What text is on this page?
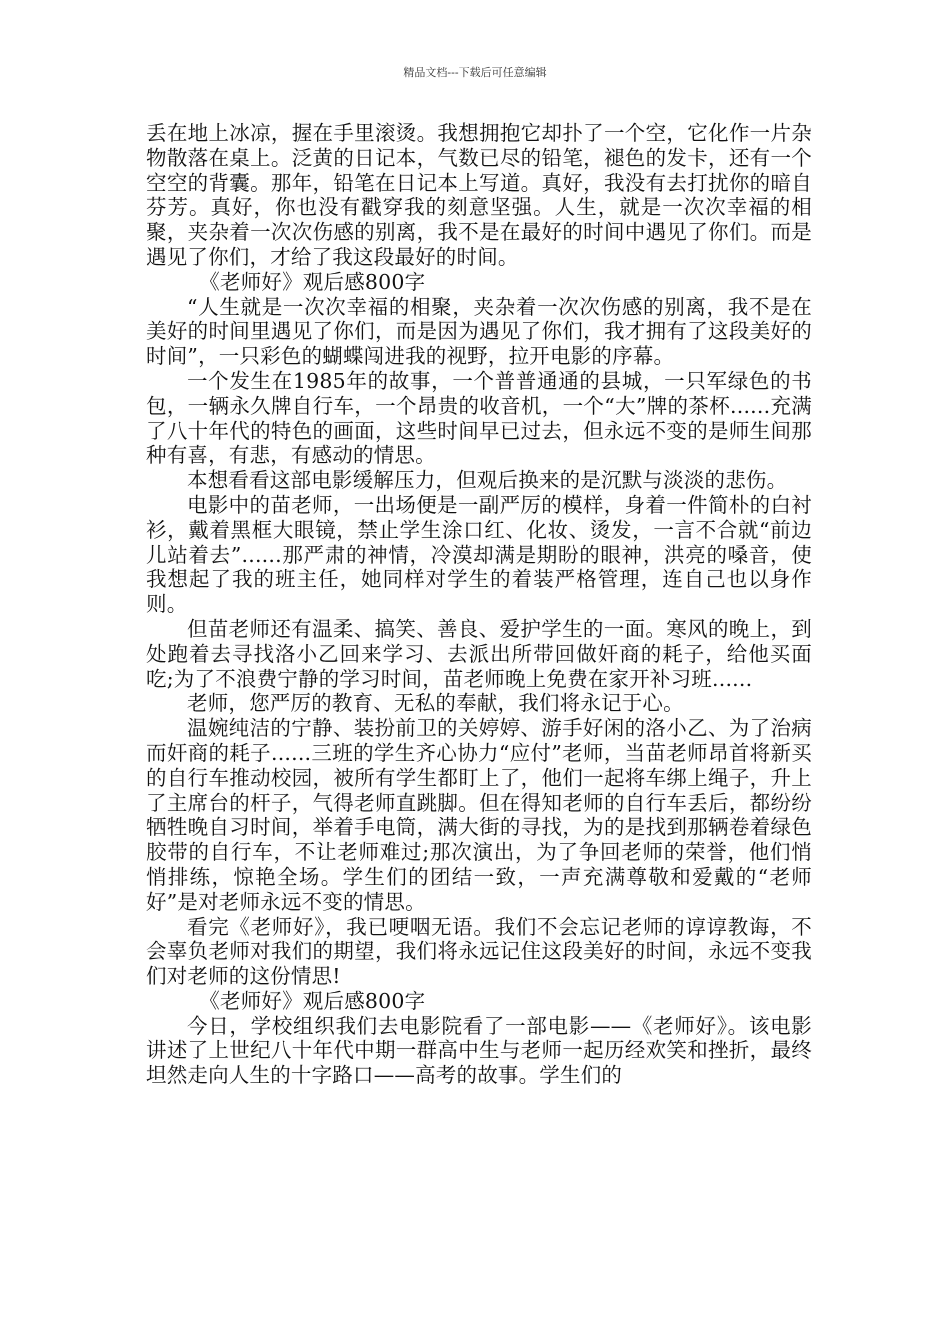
精品文档---下载后可任意编辑

丢在地上冰凉，握在手里滚烫。我想拥抱它却扑了一个空，它化作一片杂物散落在桌上。泛黄的日记本，气数已尽的铅笔，褪色的发卡，还有一个空空的背囊。那年，铅笔在日记本上写道。真好，我没有去打扰你的暗自芬芳。真好，你也没有戳穿我的刻意坚强。人生，就是一次次幸福的相聚，夹杂着一次次伤感的别离，我不是在最好的时间中遇见了你们。而是遇见了你们，才给了我这段最好的时间。

《老师好》观后感800字

“人生就是一次次幸福的相聚，夹杂着一次次伤感的别离，我不是在美好的时间里遇见了你们，而是因为遇见了你们，我才拥有了这段美好的时间”，一只彩色的蝴蝶闯进我的视野，拉开电影的序幕。

一个发生在1985年的故事，一个普普通通的县城，一只军绿色的书包，一辆永久牌自行车，一个昂贵的收音机，一个“大”牌的茶杯......充满了八十年代的特色的画面，这些时间早已过去，但永远不变的是师生间那种有喜，有悲，有感动的情思。

本想看看这部电影缓解压力，但观后换来的是沉默与淡淡的悲伤。

电影中的苗老师，一出场便是一副严厉的模样，身着一件简朴的白衬衫，戴着黑框大眼镜，禁止学生涂口红、化妆、烫发，一言不合就“前边儿站着去”......那严肃的神情，冷漠却满是期盼的眼神，洪亮的嗓音，使我想起了我的班主任，她同样对学生的着装严格管理，连自己也以身作则。

但苗老师还有温柔、搞笑、善良、爱护学生的一面。寒风的晚上，到处跑着去寻找洛小乙回来学习、去派出所带回做奸商的耗子，给他买面吃;为了不浪费宁静的学习时间，苗老师晚上免费在家开补习班......

老师，您严厉的教育、无私的奉献，我们将永记于心。

温婉纯洁的宁静、装扮前卫的关婷婷、游手好闲的洛小乙、为了治病而奸商的耗子......三班的学生齐心协力“应付”老师，当苗老师昂首将新买的自行车推动校园，被所有学生都盯上了，他们一起将车绑上绳子，升上了主席台的杆子，气得老师直跳脚。但在得知老师的自行车丢后，都纷纷牺牲晚自习时间，举着手电筒，满大街的寻找，为的是找到那辆卷着绿色胶带的自行车，不让老师难过;那次演出，为了争回老师的荣誉，他们悄悄排练，惊艳全场。学生们的团结一致，一声充满尊敬和爱戴的“老师好”是对老师永远不变的情思。

看完《老师好》，我已哽咽无语。我们不会忘记老师的谆谆教诲，不会辜负老师对我们的期望，我们将永远记住这段美好的时间，永远不变我们对老师的这份情思!

《老师好》观后感800字

今日，学校组织我们去电影院看了一部电影——《老师好》。该电影讲述了上世纪八十年代中期一群高中生与老师一起历经欢笑和挫折，最终坦然走向人生的十字路口——高考的故事。学生们的
